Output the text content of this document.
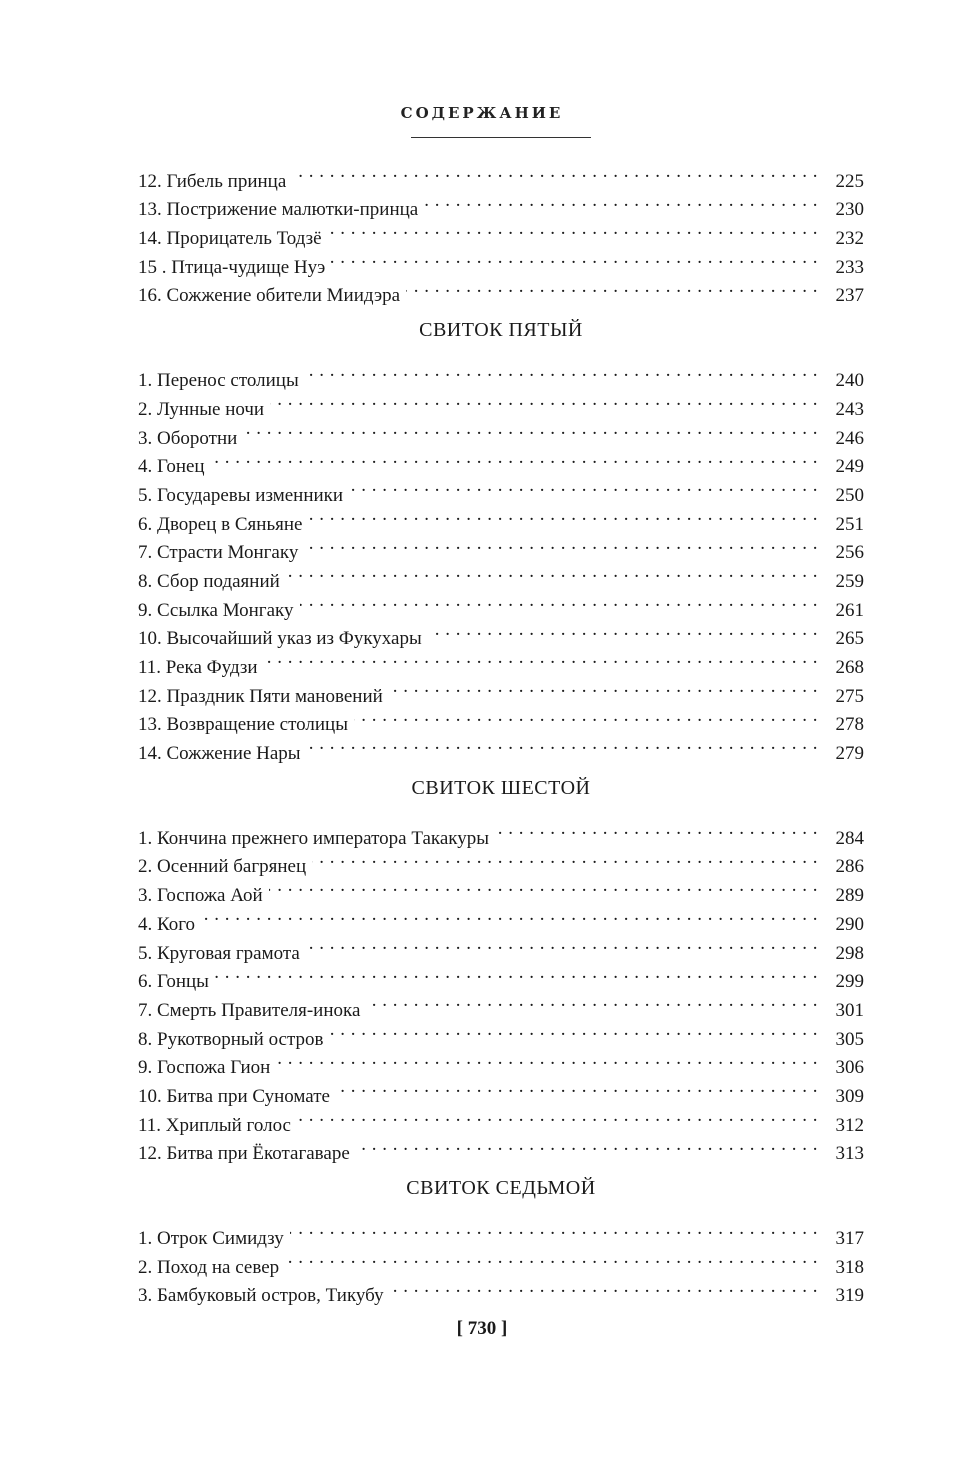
СОДЕРЖАНИЕ
12. Гибель принца . . .	225
13. Пострижение малютки-принца . . .	230
14. Прорицатель Тодзё . . .	232
15 . Птица-чудище Нуэ . . .	233
16. Сожжение обители Миидэра . . .	237
СВИТОК ПЯТЫЙ
1. Перенос столицы . . .	240
2. Лунные ночи . . .	243
3. Оборотни . . .	246
4. Гонец . . .	249
5. Государевы изменники . . .	250
6. Дворец в Сяньяне . . .	251
7. Страсти Монгаку . . .	256
8. Сбор подаяний . . .	259
9. Ссылка Монгаку . . .	261
10. Высочайший указ из Фукухары . . .	265
11. Река Фудзи . . .	268
12. Праздник Пяти мановений . . .	275
13. Возвращение столицы . . .	278
14. Сожжение Нары . . .	279
СВИТОК ШЕСТОЙ
1. Кончина прежнего императора Такакуры . . .	284
2. Осенний багрянец . . .	286
3. Госпожа Аой . . .	289
4. Кого . . .	290
5. Круговая грамота . . .	298
6. Гонцы . . .	299
7. Смерть Правителя-инока . . .	301
8. Рукотворный остров . . .	305
9. Госпожа Гион . . .	306
10. Битва при Суномате . . .	309
11. Хриплый голос . . .	312
12. Битва при Ёкотагаваре . . .	313
СВИТОК СЕДЬМОЙ
1. Отрок Симидзу . . .	317
2. Поход на север . . .	318
3. Бамбуковый остров, Тикубу . . .	319
[ 730 ]
